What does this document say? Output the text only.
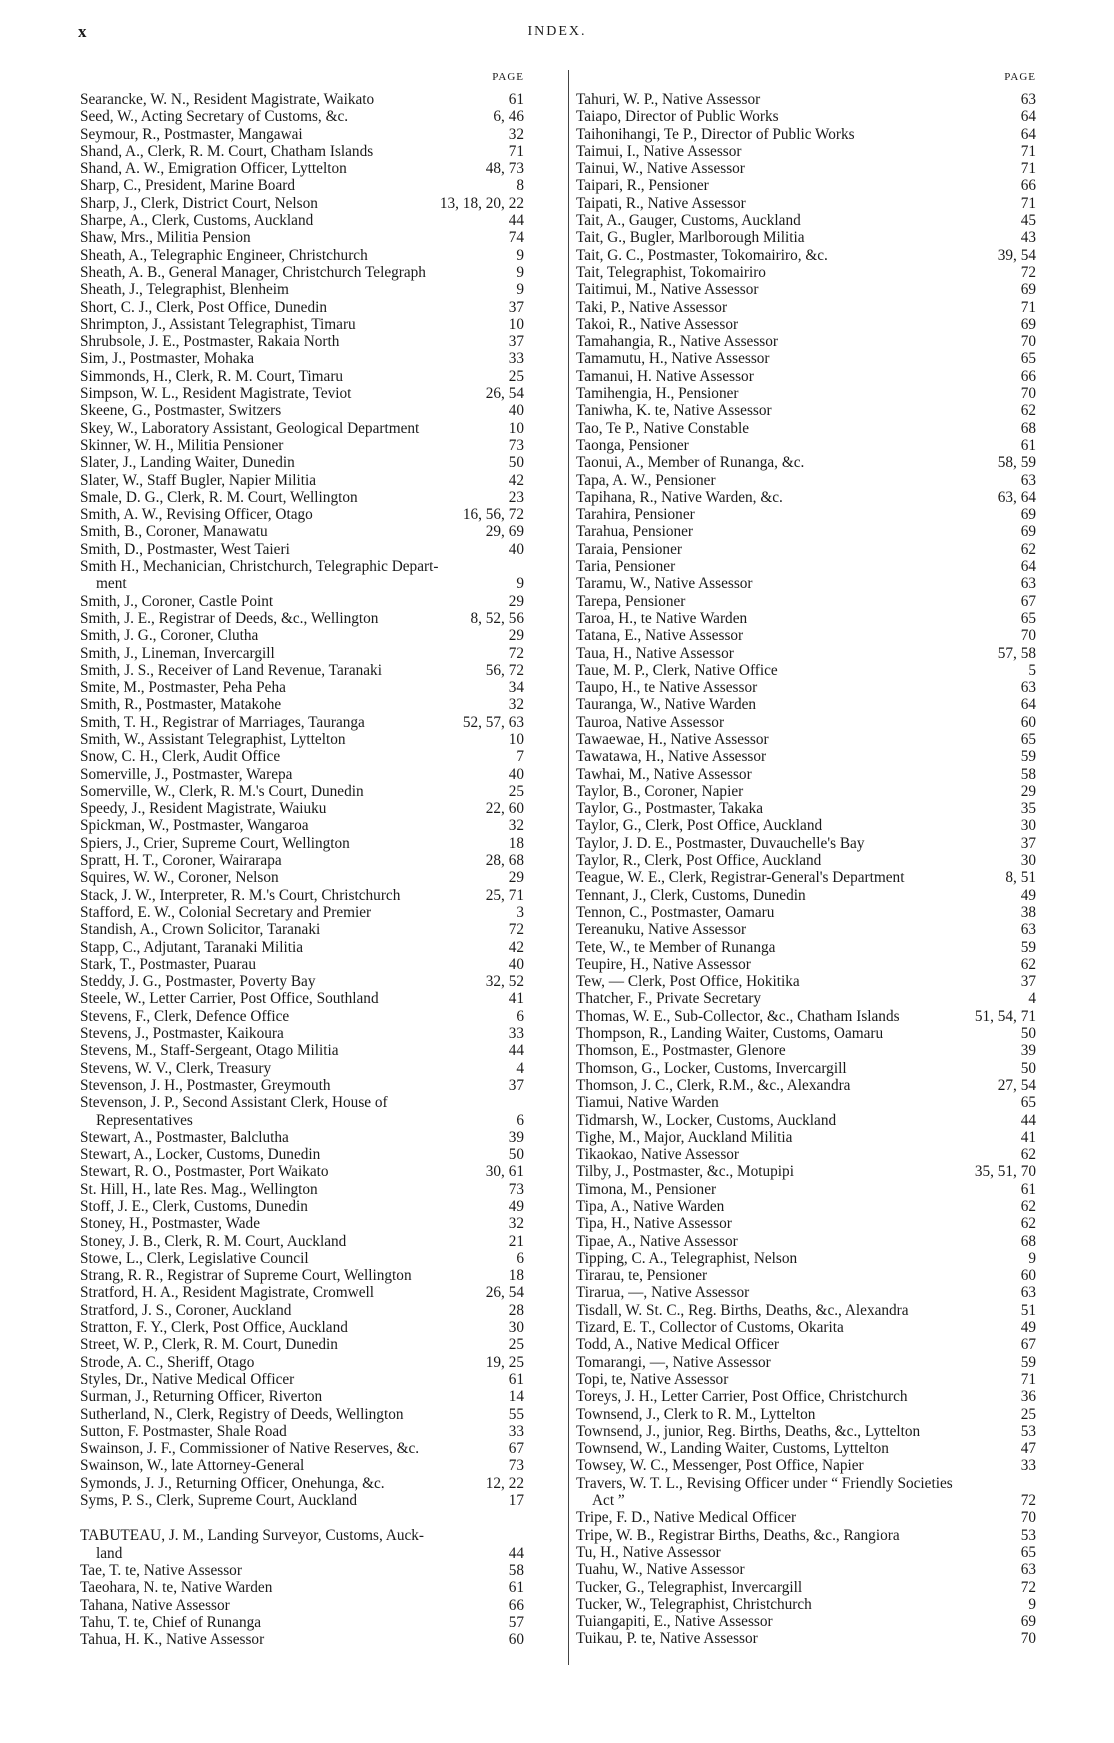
x	INDEX.
PAGE
Searancke, W. N., Resident Magistrate, Waikato	61
Seed, W., Acting Secretary of Customs, &c.	6, 46
Seymour, R., Postmaster, Mangawai	32
Shand, A., Clerk, R. M. Court, Chatham Islands	71
Shand, A. W., Emigration Officer, Lyttelton	48, 73
Sharp, C., President, Marine Board	8
Sharp, J., Clerk, District Court, Nelson	13, 18, 20, 22
Sharpe, A., Clerk, Customs, Auckland	44
Shaw, Mrs., Militia Pension	74
Sheath, A., Telegraphic Engineer, Christchurch	9
Sheath, A. B., General Manager, Christchurch Telegraph	9
Sheath, J., Telegraphist, Blenheim	9
Short, C. J., Clerk, Post Office, Dunedin	37
Shrimpton, J., Assistant Telegraphist, Timaru	10
Shrubsole, J. E., Postmaster, Rakaia North	37
Sim, J., Postmaster, Mohaka	33
Simmonds, H., Clerk, R. M. Court, Timaru	25
Simpson, W. L., Resident Magistrate, Teviot	26, 54
Skeene, G., Postmaster, Switzers	40
Skey, W., Laboratory Assistant, Geological Department	10
Skinner, W. H., Militia Pensioner	73
Slater, J., Landing Waiter, Dunedin	50
Slater, W., Staff Bugler, Napier Militia	42
Smale, D. G., Clerk, R. M. Court, Wellington	23
Smith, A. W., Revising Officer, Otago	16, 56, 72
Smith, B., Coroner, Manawatu	29, 69
Smith, D., Postmaster, West Taieri	40
Smith H., Mechanician, Christchurch, Telegraphic Depart-
ment	9
Smith, J., Coroner, Castle Point	29
Smith, J. E., Registrar of Deeds, &c., Wellington	8, 52, 56
Smith, J. G., Coroner, Clutha	29
Smith, J., Lineman, Invercargill	72
Smith, J. S., Receiver of Land Revenue, Taranaki	56, 72
Smite, M., Postmaster, Peha Peha	34
Smith, R., Postmaster, Matakohe	32
Smith, T. H., Registrar of Marriages, Tauranga	52, 57, 63
Smith, W., Assistant Telegraphist, Lyttelton	10
Snow, C. H., Clerk, Audit Office	7
Somerville, J., Postmaster, Warepa	40
Somerville, W., Clerk, R. M.'s Court, Dunedin	25
Speedy, J., Resident Magistrate, Waiuku	22, 60
Spickman, W., Postmaster, Wangaroa	32
Spiers, J., Crier, Supreme Court, Wellington	18
Spratt, H. T., Coroner, Wairarapa	28, 68
Squires, W. W., Coroner, Nelson	29
Stack, J. W., Interpreter, R. M.'s Court, Christchurch	25, 71
Stafford, E. W., Colonial Secretary and Premier	3
Standish, A., Crown Solicitor, Taranaki	72
Stapp, C., Adjutant, Taranaki Militia	42
Stark, T., Postmaster, Puarau	40
Steddy, J. G., Postmaster, Poverty Bay	32, 52
Steele, W., Letter Carrier, Post Office, Southland	41
Stevens, F., Clerk, Defence Office	6
Stevens, J., Postmaster, Kaikoura	33
Stevens, M., Staff-Sergeant, Otago Militia	44
Stevens, W. V., Clerk, Treasury	4
Stevenson, J. H., Postmaster, Greymouth	37
Stevenson, J. P., Second Assistant Clerk, House of
Representatives	6
Stewart, A., Postmaster, Balclutha	39
Stewart, A., Locker, Customs, Dunedin	50
Stewart, R. O., Postmaster, Port Waikato	30, 61
St. Hill, H., late Res. Mag., Wellington	73
Stoff, J. E., Clerk, Customs, Dunedin	49
Stoney, H., Postmaster, Wade	32
Stoney, J. B., Clerk, R. M. Court, Auckland	21
Stowe, L., Clerk, Legislative Council	6
Strang, R. R., Registrar of Supreme Court, Wellington	18
Stratford, H. A., Resident Magistrate, Cromwell	26, 54
Stratford, J. S., Coroner, Auckland	28
Stratton, F. Y., Clerk, Post Office, Auckland	30
Street, W. P., Clerk, R. M. Court, Dunedin	25
Strode, A. C., Sheriff, Otago	19, 25
Styles, Dr., Native Medical Officer	61
Surman, J., Returning Officer, Riverton	14
Sutherland, N., Clerk, Registry of Deeds, Wellington	55
Sutton, F. Postmaster, Shale Road	33
Swainson, J. F., Commissioner of Native Reserves, &c.	67
Swainson, W., late Attorney-General	73
Symonds, J. J., Returning Officer, Onehunga, &c.	12, 22
Syms, P. S., Clerk, Supreme Court, Auckland	17
TABUTEAU, J. M., Landing Surveyor, Customs, Auck-
land	44
Tae, T. te, Native Assessor	58
Taeohara, N. te, Native Warden	61
Tahana, Native Assessor	66
Tahu, T. te, Chief of Runanga	57
Tahua, H. K., Native Assessor	60
PAGE
Tahuri, W. P., Native Assessor	63
Taiapo, Director of Public Works	64
Taihonihangi, Te P., Director of Public Works	64
Taimui, I., Native Assessor	71
Tainui, W., Native Assessor	71
Taipari, R., Pensioner	66
Taipati, R., Native Assessor	71
Tait, A., Gauger, Customs, Auckland	45
Tait, G., Bugler, Marlborough Militia	43
Tait, G. C., Postmaster, Tokomairiro, &c.	39, 54
Tait, Telegraphist, Tokomairiro	72
Taitimui, M., Native Assessor	69
Taki, P., Native Assessor	71
Takoi, R., Native Assessor	69
Tamahangia, R., Native Assessor	70
Tamamutu, H., Native Assessor	65
Tamanui, H. Native Assessor	66
Tamihengia, H., Pensioner	70
Taniwha, K. te, Native Assessor	62
Tao, Te P., Native Constable	68
Taonga, Pensioner	61
Taonui, A., Member of Runanga, &c.	58, 59
Tapa, A. W., Pensioner	63
Tapihana, R., Native Warden, &c.	63, 64
Tarahira, Pensioner	69
Tarahua, Pensioner	69
Taraia, Pensioner	62
Taria, Pensioner	64
Taramu, W., Native Assessor	63
Tarepa, Pensioner	67
Taroa, H., te Native Warden	65
Tatana, E., Native Assessor	70
Taua, H., Native Assessor	57, 58
Taue, M. P., Clerk, Native Office	5
Taupo, H., te Native Assessor	63
Tauranga, W., Native Warden	64
Tauroa, Native Assessor	60
Tawaewae, H., Native Assessor	65
Tawatawa, H., Native Assessor	59
Tawhai, M., Native Assessor	58
Taylor, B., Coroner, Napier	29
Taylor, G., Postmaster, Takaka	35
Taylor, G., Clerk, Post Office, Auckland	30
Taylor, J. D. E., Postmaster, Duvauchelle's Bay	37
Taylor, R., Clerk, Post Office, Auckland	30
Teague, W. E., Clerk, Registrar-General's Department	8, 51
Tennant, J., Clerk, Customs, Dunedin	49
Tennon, C., Postmaster, Oamaru	38
Tereanuku, Native Assessor	63
Tete, W., te Member of Runanga	59
Teupire, H., Native Assessor	62
Tew, — Clerk, Post Office, Hokitika	37
Thatcher, F., Private Secretary	4
Thomas, W. E., Sub-Collector, &c., Chatham Islands	51, 54, 71
Thompson, R., Landing Waiter, Customs, Oamaru	50
Thomson, E., Postmaster, Glenore	39
Thomson, G., Locker, Customs, Invercargill	50
Thomson, J. C., Clerk, R.M., &c., Alexandra	27, 54
Tiamui, Native Warden	65
Tidmarsh, W., Locker, Customs, Auckland	44
Tighe, M., Major, Auckland Militia	41
Tikaokao, Native Assessor	62
Tilby, J., Postmaster, &c., Motupipi	35, 51, 70
Timona, M., Pensioner	61
Tipa, A., Native Warden	62
Tipa, H., Native Assessor	62
Tipae, A., Native Assessor	68
Tipping, C. A., Telegraphist, Nelson	9
Tirarau, te, Pensioner	60
Tirarua, —, Native Assessor	63
Tisdall, W. St. C., Reg. Births, Deaths, &c., Alexandra	51
Tizard, E. T., Collector of Customs, Okarita	49
Todd, A., Native Medical Officer	67
Tomarangi, —, Native Assessor	59
Topi, te, Native Assessor	71
Toreys, J. H., Letter Carrier, Post Office, Christchurch	36
Townsend, J., Clerk to R. M., Lyttelton	25
Townsend, J., junior, Reg. Births, Deaths, &c., Lyttelton	53
Townsend, W., Landing Waiter, Customs, Lyttelton	47
Towsey, W. C., Messenger, Post Office, Napier	33
Travers, W. T. L., Revising Officer under “ Friendly Societies
Act ”	72
Tripe, F. D., Native Medical Officer	70
Tripe, W. B., Registrar Births, Deaths, &c., Rangiora	53
Tu, H., Native Assessor	65
Tuahu, W., Native Assessor	63
Tucker, G., Telegraphist, Invercargill	72
Tucker, W., Telegraphist, Christchurch	9
Tuiangapiti, E., Native Assessor	69
Tuikau, P. te, Native Assessor	70
